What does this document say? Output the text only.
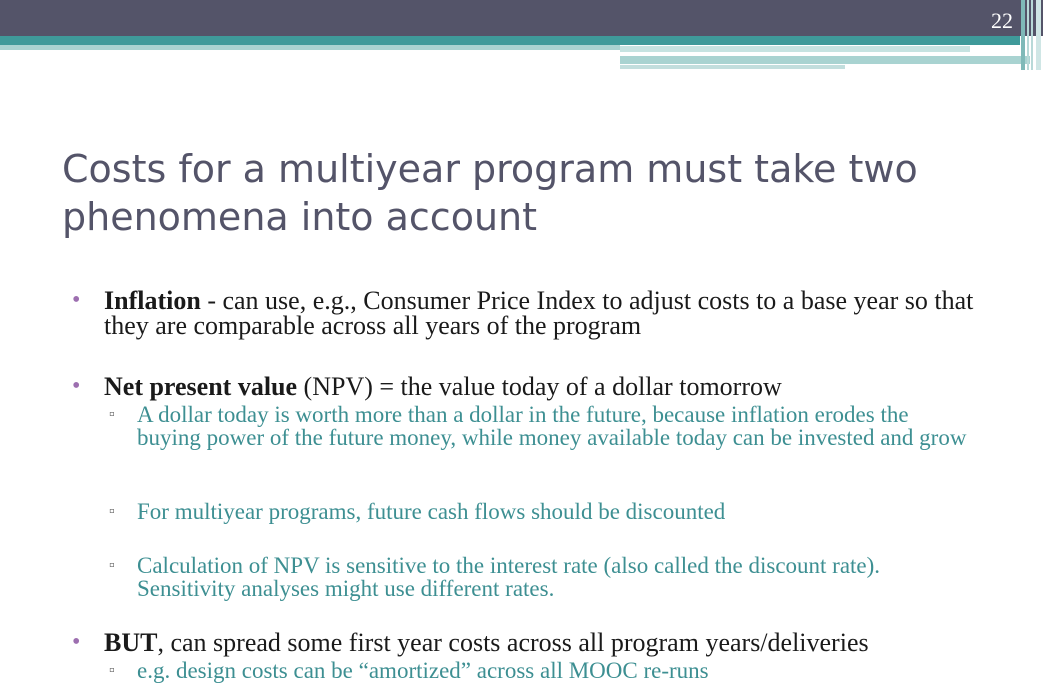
22
Costs for a multiyear program must take two phenomena into account
• Inflation - can use, e.g., Consumer Price Index to adjust costs to a base year so that they are comparable across all years of the program
• Net present value (NPV) = the value today of a dollar tomorrow
▫ A dollar today is worth more than a dollar in the future, because inflation erodes the buying power of the future money, while money available today can be invested and grow
▫ For multiyear programs, future cash flows should be discounted
▫ Calculation of NPV is sensitive to the interest rate (also called the discount rate). Sensitivity analyses might use different rates.
• BUT, can spread some first year costs across all program years/deliveries
▫ e.g. design costs can be “amortized” across all MOOC re-runs
